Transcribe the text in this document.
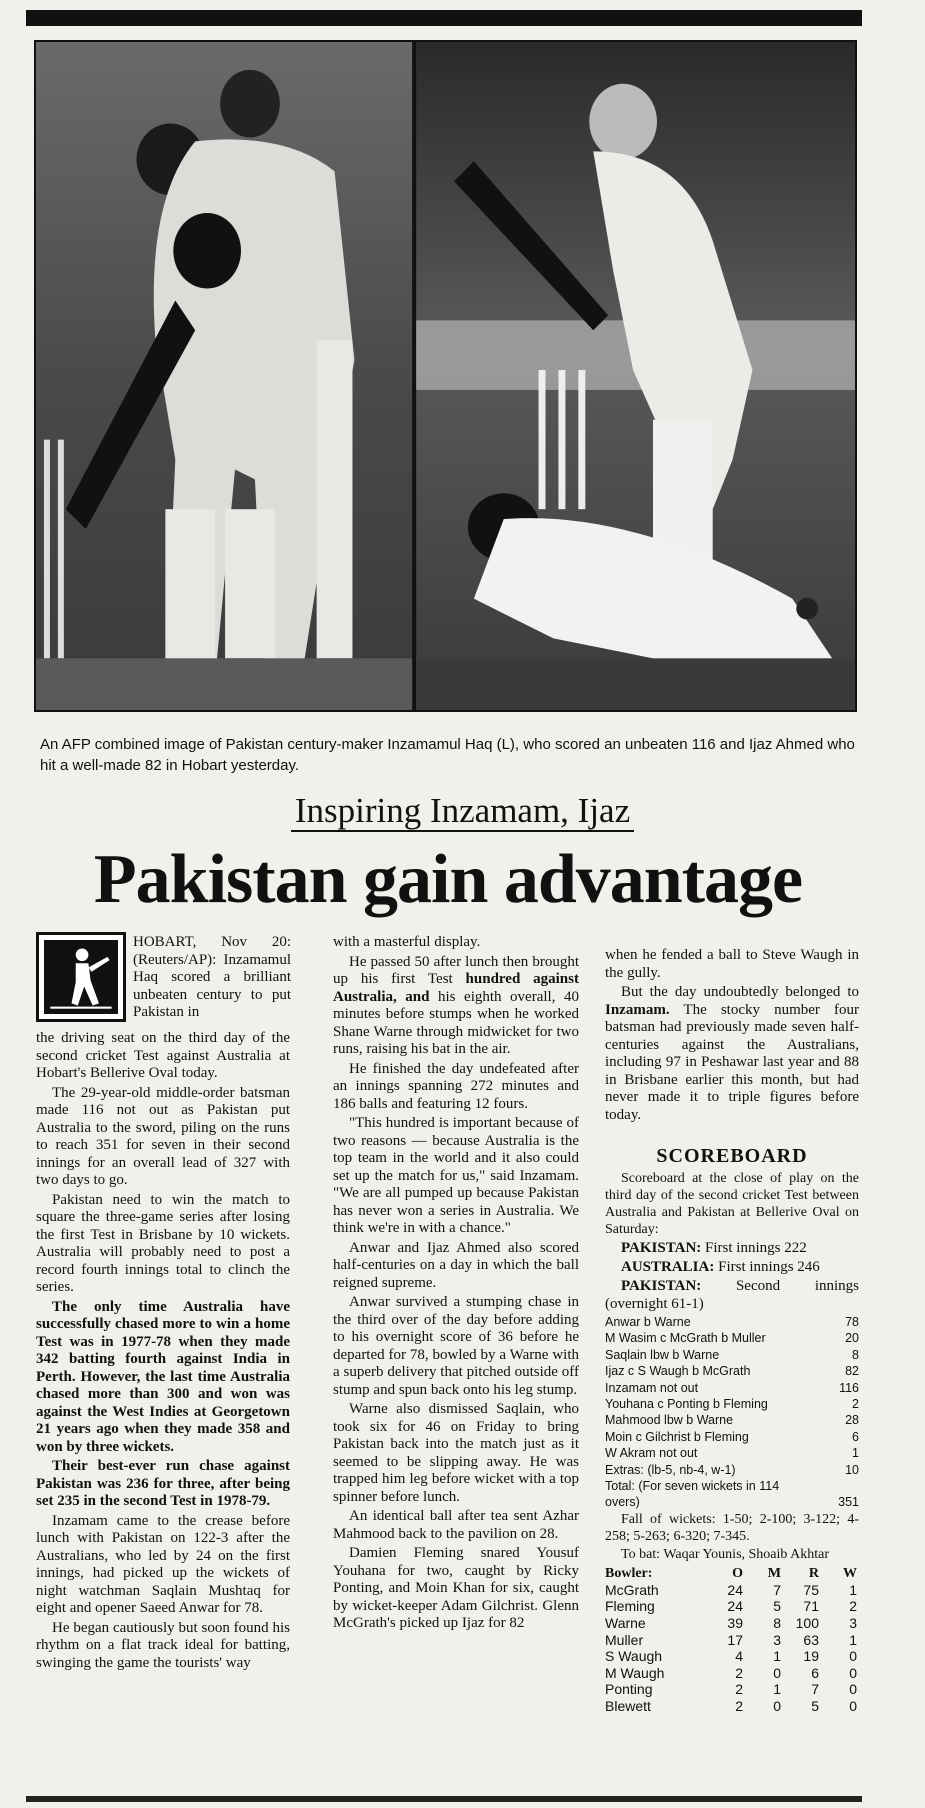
An AFP combined image of Pakistan century-maker Inzamamul Haq (L), who scored an unbeaten 116 and Ijaz Ahmed who hit a well-made 82 in Hobart yesterday.
Inspiring Inzamam, Ijaz
Pakistan gain advantage

HOBART, Nov 20: (Reuters/AP): Inzamamul Haq scored a brilliant unbeaten century to put Pakistan in

the driving seat on the third day of the second cricket Test against Australia at Hobart's Bellerive Oval today.

The 29-year-old middle-order batsman made 116 not out as Pakistan put Australia to the sword, piling on the runs to reach 351 for seven in their second innings for an overall lead of 327 with two days to go.

Pakistan need to win the match to square the three-game series after losing the first Test in Brisbane by 10 wickets. Australia will probably need to post a record fourth innings total to clinch the series.

The only time Australia have successfully chased more to win a home Test was in 1977-78 when they made 342 batting fourth against India in Perth. However, the last time Australia chased more than 300 and won was against the West Indies at Georgetown 21 years ago when they made 358 and won by three wickets.

Their best-ever run chase against Pakistan was 236 for three, after being set 235 in the second Test in 1978-79.

Inzamam came to the crease before lunch with Pakistan on 122-3 after the Australians, who led by 24 on the first innings, had picked up the wickets of night watchman Saqlain Mushtaq for eight and opener Saeed Anwar for 78.

He began cautiously but soon found his rhythm on a flat track ideal for batting, swinging the game the tourists' way

with a masterful display.

He passed 50 after lunch then brought up his first Test hundred against Australia, and his eighth overall, 40 minutes before stumps when he worked Shane Warne through midwicket for two runs, raising his bat in the air.

He finished the day undefeated after an innings spanning 272 minutes and 186 balls and featuring 12 fours.

"This hundred is important because of two reasons — because Australia is the top team in the world and it also could set up the match for us," said Inzamam. "We are all pumped up because Pakistan has never won a series in Australia. We think we're in with a chance."

Anwar and Ijaz Ahmed also scored half-centuries on a day in which the ball reigned supreme.

Anwar survived a stumping chase in the third over of the day before adding to his overnight score of 36 before he departed for 78, bowled by a Warne with a superb delivery that pitched outside off stump and spun back onto his leg stump.

Warne also dismissed Saqlain, who took six for 46 on Friday to bring Pakistan back into the match just as it seemed to be slipping away. He was trapped him leg before wicket with a top spinner before lunch.

An identical ball after tea sent Azhar Mahmood back to the pavilion on 28.

Damien Fleming snared Yousuf Youhana for two, caught by Ricky Ponting, and Moin Khan for six, caught by wicket-keeper Adam Gilchrist. Glenn McGrath's picked up Ijaz for 82

when he fended a ball to Steve Waugh in the gully.

But the day undoubtedly belonged to Inzamam. The stocky number four batsman had previously made seven half-centuries against the Australians, including 97 in Peshawar last year and 88 in Brisbane earlier this month, but had never made it to triple figures before today.

SCOREBOARD

Scoreboard at the close of play on the third day of the second cricket Test between Australia and Pakistan at Bellerive Oval on Saturday:

PAKISTAN: First innings 222

AUSTRALIA: First innings 246

PAKISTAN: Second innings (overnight 61-1)

Anwar b Warne	78
M Wasim c McGrath b Muller	20
Saqlain lbw b Warne	8
Ijaz c S Waugh b McGrath	82
Inzamam not out	116
Youhana c Ponting b Fleming	2
Mahmood lbw b Warne	28
Moin c Gilchrist b Fleming	6
W Akram not out	1
Extras: (lb-5, nb-4, w-1)	10
Total: (For seven wickets in 114 overs)	351

Fall of wickets: 1-50; 2-100; 3-122; 4-258; 5-263; 6-320; 7-345.

To bat: Waqar Younis, Shoaib Akhtar

Bowler:	O	M	R	W
McGrath	24	7	75	1
Fleming	24	5	71	2
Warne	39	8	100	3
Muller	17	3	63	1
S Waugh	4	1	19	0
M Waugh	2	0	6	0
Ponting	2	1	7	0
Blewett	2	0	5	0
